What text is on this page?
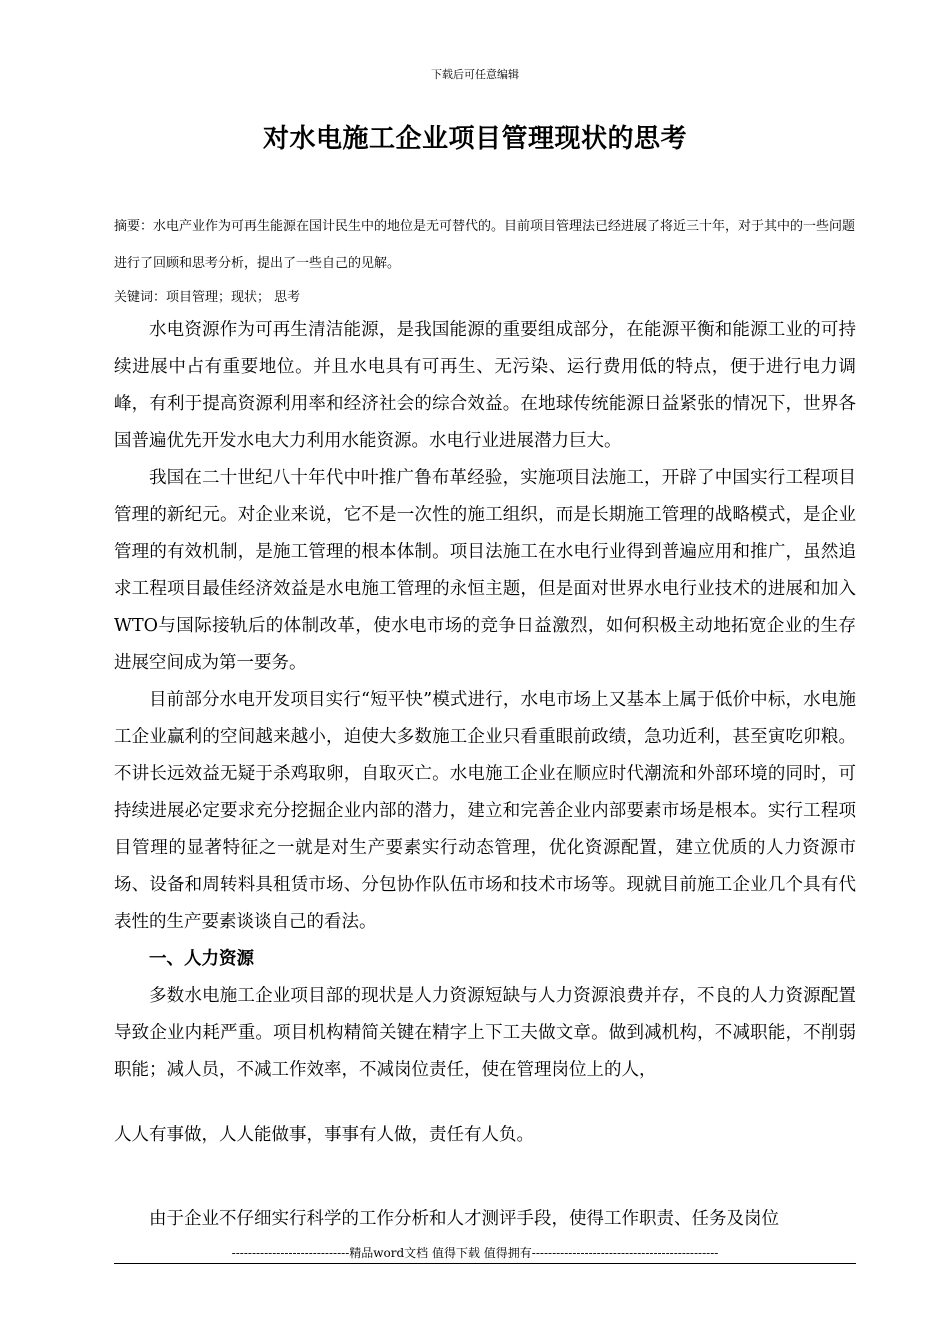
下载后可任意编辑
对水电施工企业项目管理现状的思考
摘要：水电产业作为可再生能源在国计民生中的地位是无可替代的。目前项目管理法已经进展了将近三十年，对于其中的一些问题进行了回顾和思考分析，提出了一些自己的见解。
关键词：项目管理；现状； 思考

水电资源作为可再生清洁能源，是我国能源的重要组成部分，在能源平衡和能源工业的可持续进展中占有重要地位。并且水电具有可再生、无污染、运行费用低的特点，便于进行电力调峰，有利于提高资源利用率和经济社会的综合效益。在地球传统能源日益紧张的情况下，世界各国普遍优先开发水电大力利用水能资源。水电行业进展潜力巨大。

我国在二十世纪八十年代中叶推广鲁布革经验，实施项目法施工，开辟了中国实行工程项目管理的新纪元。对企业来说，它不是一次性的施工组织，而是长期施工管理的战略模式，是企业管理的有效机制，是施工管理的根本体制。项目法施工在水电行业得到普遍应用和推广，虽然追求工程项目最佳经济效益是水电施工管理的永恒主题，但是面对世界水电行业技术的进展和加入WTO与国际接轨后的体制改革，使水电市场的竞争日益激烈，如何积极主动地拓宽企业的生存进展空间成为第一要务。

目前部分水电开发项目实行“短平快”模式进行，水电市场上又基本上属于低价中标，水电施工企业赢利的空间越来越小，迫使大多数施工企业只看重眼前政绩，急功近利，甚至寅吃卯粮。不讲长远效益无疑于杀鸡取卵，自取灭亡。水电施工企业在顺应时代潮流和外部环境的同时，可持续进展必定要求充分挖掘企业内部的潜力，建立和完善企业内部要素市场是根本。实行工程项目管理的显著特征之一就是对生产要素实行动态管理，优化资源配置，建立优质的人力资源市场、设备和周转料具租赁市场、分包协作队伍市场和技术市场等。现就目前施工企业几个具有代表性的生产要素谈谈自己的看法。

一、人力资源

多数水电施工企业项目部的现状是人力资源短缺与人力资源浪费并存，不良的人力资源配置导致企业内耗严重。项目机构精简关键在精字上下工夫做文章。做到减机构，不减职能，不削弱职能；减人员，不减工作效率，不减岗位责任，使在管理岗位上的人，

人人有事做，人人能做事，事事有人做，责任有人负。

由于企业不仔细实行科学的工作分析和人才测评手段，使得工作职责、任务及岗位
-----------------------------精品word文档 值得下载 值得拥有----------------------------------------------
